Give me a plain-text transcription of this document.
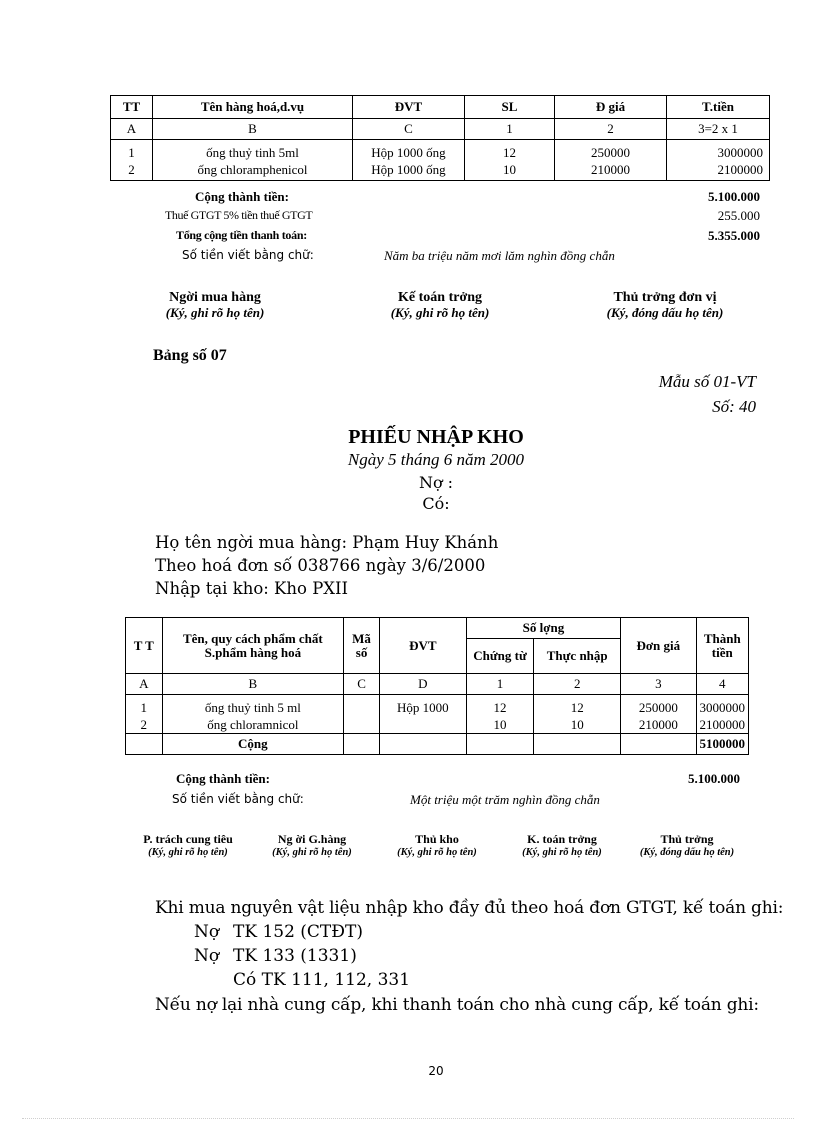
TT	Tên hàng hoá,d.vụ	ĐVT	SL	Đ giá	T.tiền
A	B	C	1	2	3=2 x 1
1	ống thuỷ tinh 5ml	Hộp 1000 ống	12	250000	3000000
2	ống chloramphenicol	Hộp 1000 ống	10	210000	2100000
Cộng thành tiền:	5.100.000
Thuế GTGT 5% tiền thuế GTGT	255.000
Tổng cộng tiền thanh toán:	5.355.000
Số tiền viết bằng chữ:	Năm ba triệu năm mơi lăm nghìn đồng chẵn
Ngời mua hàng
(Ký, ghi rõ họ tên)
Kế toán trởng
(Ký, ghi rõ họ tên)
Thủ trởng đơn vị
(Ký, đóng dấu họ tên)
Bảng số 07
Mẫu số 01-VT
Số: 40
PHIẾU NHẬP KHO
Ngày 5 tháng 6 năm 2000
Nợ :
Có:
Họ tên ngời mua hàng: Phạm Huy Khánh
Theo hoá đơn số 038766 ngày 3/6/2000
Nhập tại kho: Kho PXII
T T	Tên, quy cách phẩm chất S.phẩm hàng hoá	Mã số	ĐVT	Số lợng		Đơn giá	Thành tiền
				Chứng từ	Thực nhập		
A	B	C	D	1	2	3	4
1	ống thuỷ tinh 5 ml		Hộp 1000	12	12	250000	3000000
2	ống chloramnicol			10	10	210000	2100000
	Cộng						5100000
Cộng thành tiền:	5.100.000
Số tiền viết bằng chữ:	Một triệu một trăm nghìn đồng chẵn
P. trách cung tiêu
(Ký, ghi rõ họ tên)
Ng ời G.hàng
(Ký, ghi rõ họ tên)
Thủ kho
(Ký, ghi rõ họ tên)
K. toán trởng
(Ký, ghi rõ họ tên)
Thủ trởng
(Ký, đóng dấu họ tên)
Khi mua nguyên vật liệu nhập kho đầy đủ theo hoá đơn GTGT, kế toán ghi:
Nợ TK 152 (CTĐT)
Nợ TK 133 (1331)
Có TK 111, 112, 331
Nếu nợ lại nhà cung cấp, khi thanh toán cho nhà cung cấp, kế toán ghi:
20
